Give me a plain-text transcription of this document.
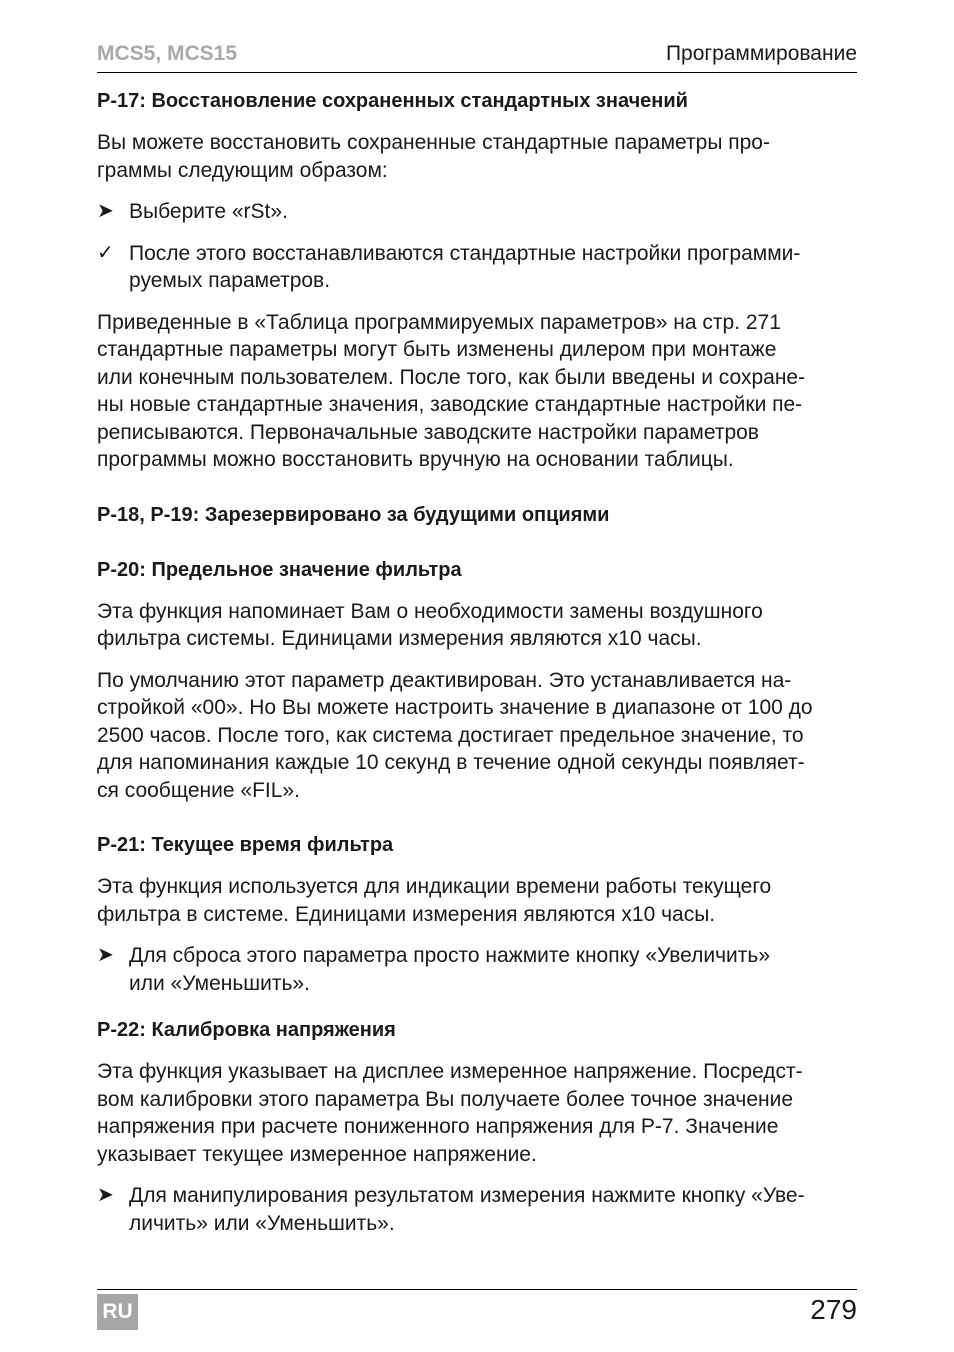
MCS5, MCS15	Программирование
P-17: Восстановление сохраненных стандартных значений

Вы можете восстановить сохраненные стандартные параметры про-
граммы следующим образом:

➤ Выберите «rSt».
✓ После этого восстанавливаются стандартные настройки программи-
руемых параметров.

Приведенные в «Таблица программируемых параметров» на стр. 271
стандартные параметры могут быть изменены дилером при монтаже
или конечным пользователем. После того, как были введены и сохране-
ны новые стандартные значения, заводские стандартные настройки пе-
реписываются. Первоначальные заводските настройки параметров
программы можно восстановить вручную на основании таблицы.

P-18, P-19: Зарезервировано за будущими опциями
P-20: Предельное значение фильтра

Эта функция напоминает Вам о необходимости замены воздушного
фильтра системы. Единицами измерения являются x10 часы.

По умолчанию этот параметр деактивирован. Это устанавливается на-
стройкой «00». Но Вы можете настроить значение в диапазоне от 100 до
2500 часов. После того, как система достигает предельное значение, то
для напоминания каждые 10 секунд в течение одной секунды появляет-
ся сообщение «FIL».

P-21: Текущее время фильтра

Эта функция используется для индикации времени работы текущего
фильтра в системе. Единицами измерения являются x10 часы.

➤ Для сброса этого параметра просто нажмите кнопку «Увеличить»
или «Уменьшить».
P-22: Калибровка напряжения

Эта функция указывает на дисплее измеренное напряжение. Посредст-
вом калибровки этого параметра Вы получаете более точное значение
напряжения при расчете пониженного напряжения для P-7. Значение
указывает текущее измеренное напряжение.

➤ Для манипулирования результатом измерения нажмите кнопку «Уве-
личить» или «Уменьшить».
RU	279
